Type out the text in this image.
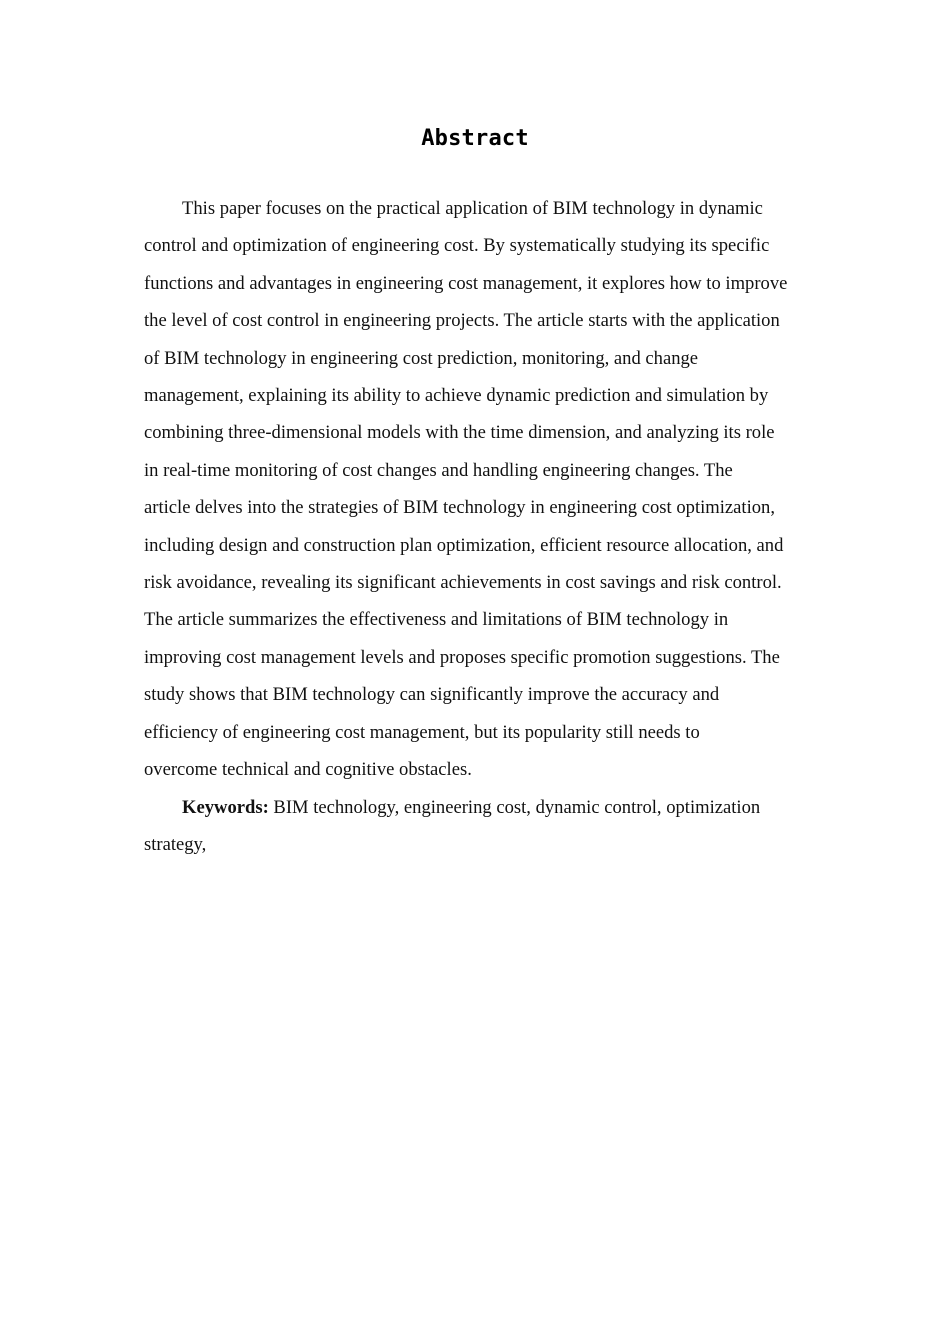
Abstract
This paper focuses on the practical application of BIM technology in dynamic
control and optimization of engineering cost. By systematically studying its specific
functions and advantages in engineering cost management, it explores how to improve
the level of cost control in engineering projects. The article starts with the application
of BIM technology in engineering cost prediction, monitoring, and change
management, explaining its ability to achieve dynamic prediction and simulation by
combining three-dimensional models with the time dimension, and analyzing its role
in real-time monitoring of cost changes and handling engineering changes. The
article delves into the strategies of BIM technology in engineering cost optimization,
including design and construction plan optimization, efficient resource allocation, and
risk avoidance, revealing its significant achievements in cost savings and risk control.
The article summarizes the effectiveness and limitations of BIM technology in
improving cost management levels and proposes specific promotion suggestions. The
study shows that BIM technology can significantly improve the accuracy and
efficiency of engineering cost management, but its popularity still needs to
overcome technical and cognitive obstacles.
Keywords: BIM technology, engineering cost, dynamic control, optimization
strategy,
